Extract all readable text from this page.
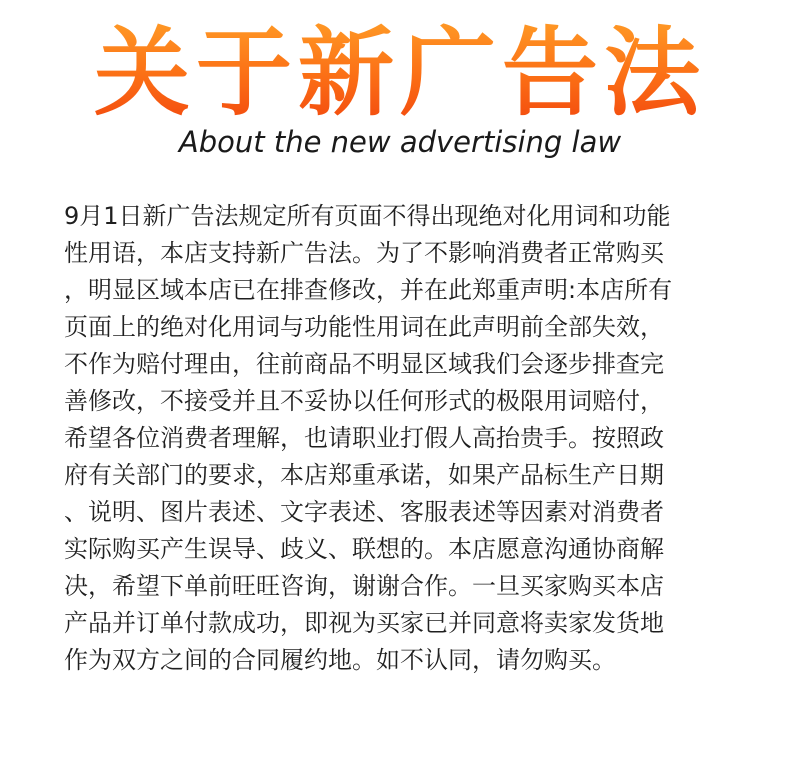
关于新广告法
About the new advertising law
9月1日新广告法规定所有页面不得出现绝对化用词和功能
性用语，本店支持新广告法。为了不影响消费者正常购买
，明显区域本店已在排查修改，并在此郑重声明:本店所有
页面上的绝对化用词与功能性用词在此声明前全部失效，
不作为赔付理由，往前商品不明显区域我们会逐步排查完
善修改，不接受并且不妥协以任何形式的极限用词赔付，
希望各位消费者理解，也请职业打假人高抬贵手。按照政
府有关部门的要求，本店郑重承诺，如果产品标生产日期
、说明、图片表述、文字表述、客服表述等因素对消费者
实际购买产生误导、歧义、联想的。本店愿意沟通协商解
决，希望下单前旺旺咨询，谢谢合作。一旦买家购买本店
产品并订单付款成功，即视为买家已并同意将卖家发货地
作为双方之间的合同履约地。如不认同，请勿购买。
